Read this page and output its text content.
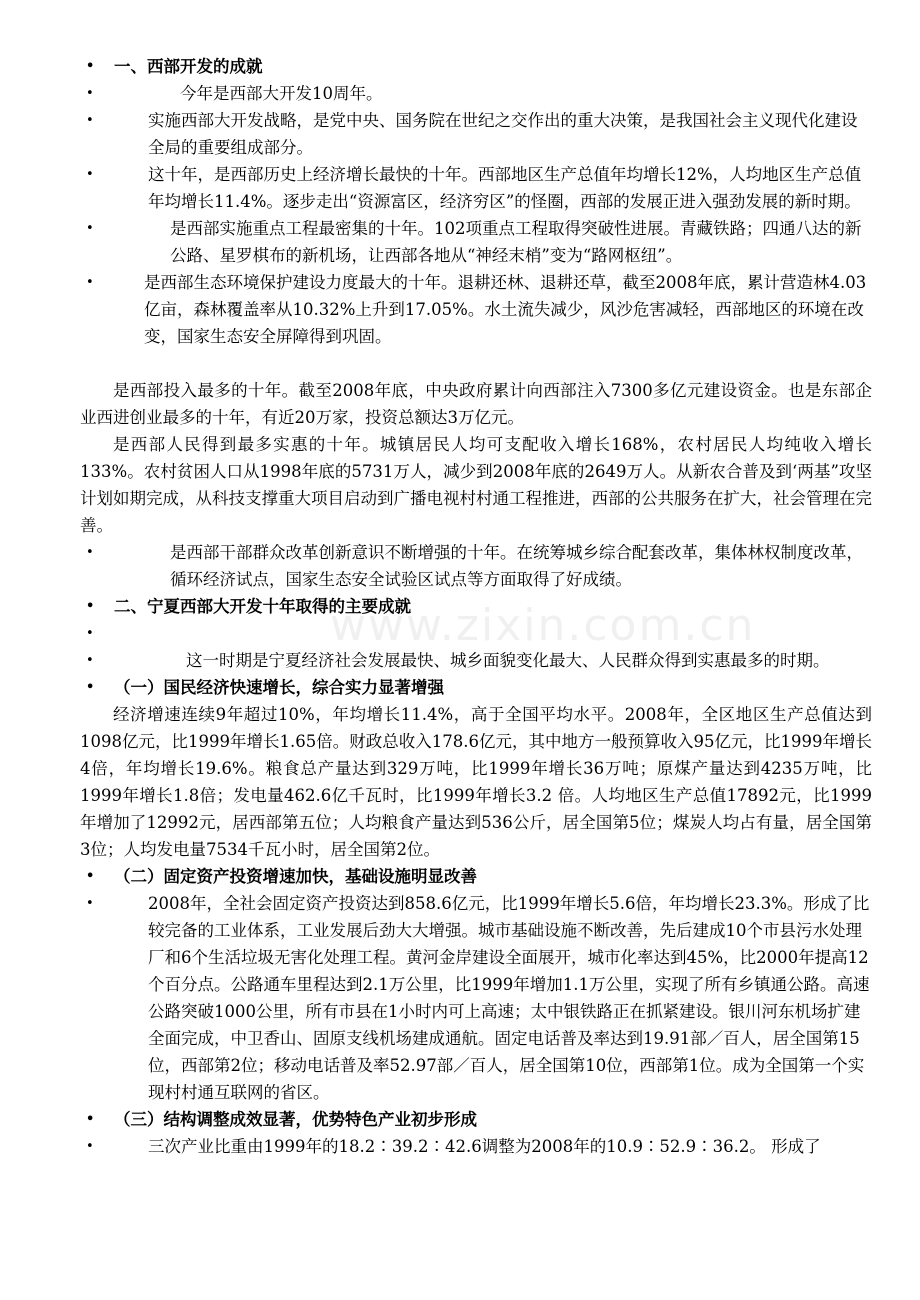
www.zixin.com.cn
• 一、西部开发的成就
•	今年是西部大开发10周年。
•	实施西部大开发战略，是党中央、国务院在世纪之交作出的重大决策，是我国社会主义现代化建设全局的重要组成部分。
•	这十年，是西部历史上经济增长最快的十年。西部地区生产总值年均增长12%，人均地区生产总值年均增长11.4%。逐步走出“资源富区，经济穷区”的怪圈，西部的发展正进入强劲发展的新时期。
•	是西部实施重点工程最密集的十年。102项重点工程取得突破性进展。青藏铁路；四通八达的新公路、星罗棋布的新机场，让西部各地从“神经末梢”变为“路网枢纽”。
•	是西部生态环境保护建设力度最大的十年。退耕还林、退耕还草，截至2008年底，累计营造林4.03亿亩，森林覆盖率从10.32%上升到17.05%。水土流失减少，风沙危害减轻，西部地区的环境在改变，国家生态安全屏障得到巩固。
是西部投入最多的十年。截至2008年底，中央政府累计向西部注入7300多亿元建设资金。也是东部企业西进创业最多的十年，有近20万家，投资总额达3万亿元。
是西部人民得到最多实惠的十年。城镇居民人均可支配收入增长168%，农村居民人均纯收入增长133%。农村贫困人口从1998年底的5731万人，减少到2008年底的2649万人。从新农合普及到‘两基”攻坚计划如期完成，从科技支撑重大项目启动到广播电视村村通工程推进，西部的公共服务在扩大，社会管理在完善。
•	是西部干部群众改革创新意识不断增强的十年。在统筹城乡综合配套改革，集体林权制度改革，循环经济试点，国家生态安全试验区试点等方面取得了好成绩。
• 二、宁夏西部大开发十年取得的主要成就
•

•	这一时期是宁夏经济社会发展最快、城乡面貌变化最大、人民群众得到实惠最多的时期。
• （一）国民经济快速增长，综合实力显著增强
经济增速连续9年超过10%，年均增长11.4%，高于全国平均水平。2008年，全区地区生产总值达到1098亿元，比1999年增长1.65倍。财政总收入178.6亿元，其中地方一般预算收入95亿元，比1999年增长4倍，年均增长19.6%。粮食总产量达到329万吨，比1999年增长36万吨；原煤产量达到4235万吨，比1999年增长1.8倍；发电量462.6亿千瓦时，比1999年增长3.2 倍。人均地区生产总值17892元，比1999年增加了12992元，居西部第五位；人均粮食产量达到536公斤，居全国第5位；煤炭人均占有量，居全国第3位；人均发电量7534千瓦小时，居全国第2位。
• （二）固定资产投资增速加快，基础设施明显改善
•	2008年，全社会固定资产投资达到858.6亿元，比1999年增长5.6倍，年均增长23.3%。形成了比较完备的工业体系，工业发展后劲大大增强。城市基础设施不断改善，先后建成10个市县污水处理厂和6个生活垃圾无害化处理工程。黄河金岸建设全面展开，城市化率达到45%，比2000年提高12个百分点。公路通车里程达到2.1万公里，比1999年增加1.1万公里，实现了所有乡镇通公路。高速公路突破1000公里，所有市县在1小时内可上高速；太中银铁路正在抓紧建设。银川河东机场扩建全面完成，中卫香山、固原支线机场建成通航。固定电话普及率达到19.91部／百人，居全国第15位，西部第2位；移动电话普及率52.97部／百人，居全国第10位，西部第1位。成为全国第一个实现村村通互联网的省区。
• （三）结构调整成效显著，优势特色产业初步形成
•	三次产业比重由1999年的18.2∶39.2∶42.6调整为2008年的10.9∶52.9∶36.2。 形成了
